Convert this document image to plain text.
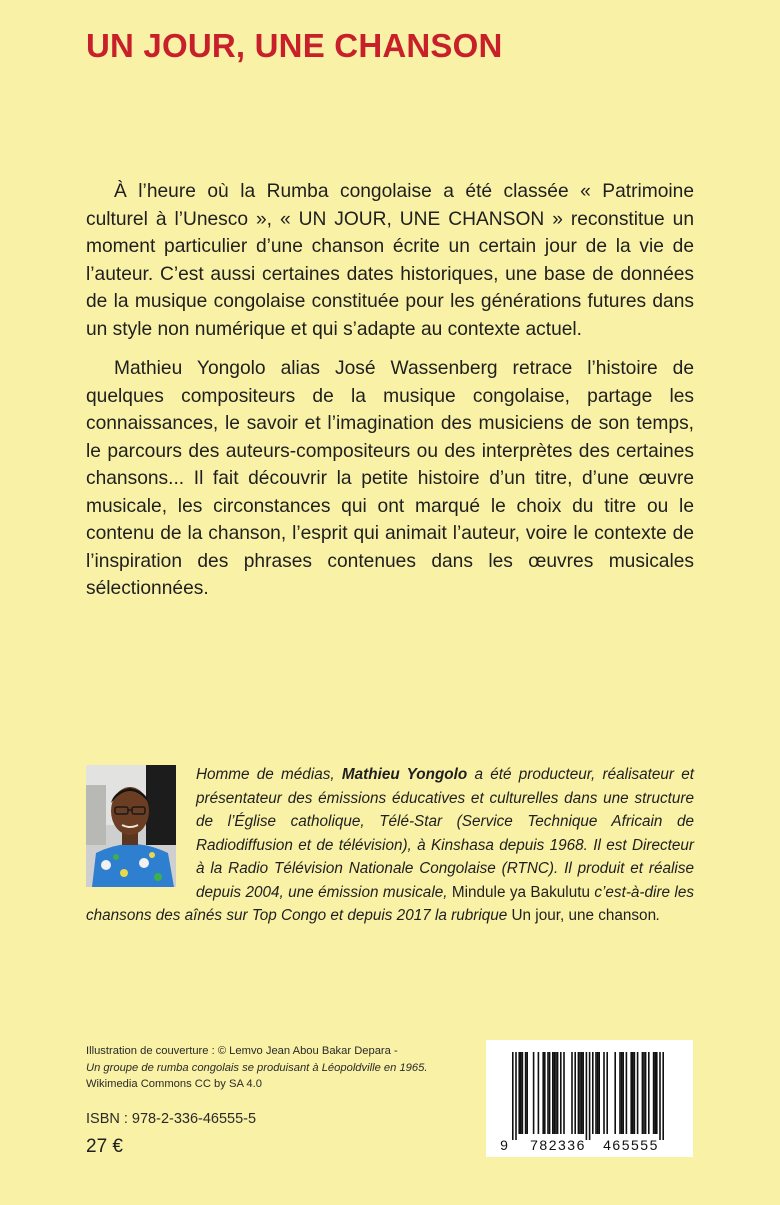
UN JOUR, UNE CHANSON

À l’heure où la Rumba congolaise a été classée « Patrimoine culturel à l’Unesco », « UN JOUR, UNE CHANSON » reconstitue un moment particulier d’une chanson écrite un certain jour de la vie de l’auteur. C’est aussi certaines dates historiques, une base de données de la musique congolaise constituée pour les générations futures dans un style non numérique et qui s’adapte au contexte actuel.

Mathieu Yongolo alias José Wassenberg retrace l’histoire de quelques compositeurs de la musique congolaise, partage les connaissances, le savoir et l’imagination des musiciens de son temps, le parcours des auteurs-compositeurs ou des interprètes des certaines chansons... Il fait découvrir la petite histoire d’un titre, d’une œuvre musicale, les circonstances qui ont marqué le choix du titre ou le contenu de la chanson, l’esprit qui animait l’auteur, voire le contexte de l’inspiration des phrases contenues dans les œuvres musicales sélectionnées.

Homme de médias, Mathieu Yongolo a été producteur, réalisateur et présentateur des émissions éducatives et culturelles dans une structure de l’Église catholique, Télé-Star (Service Technique Africain de Radiodiffusion et de télévision), à Kinshasa depuis 1968. Il est Directeur à la Radio Télévision Nationale Congolaise (RTNC). Il produit et réalise depuis 2004, une émission musicale, Mindule ya Bakulutu c’est-à-dire les chansons des aînés sur Top Congo et depuis 2017 la rubrique Un jour, une chanson.
Illustration de couverture : © Lemvo Jean Abou Bakar Depara -
Un groupe de rumba congolais se produisant à Léopoldville en 1965.
Wikimedia Commons CC by SA 4.0

ISBN : 978-2-336-46555-5

27 €	9 782336 465555
